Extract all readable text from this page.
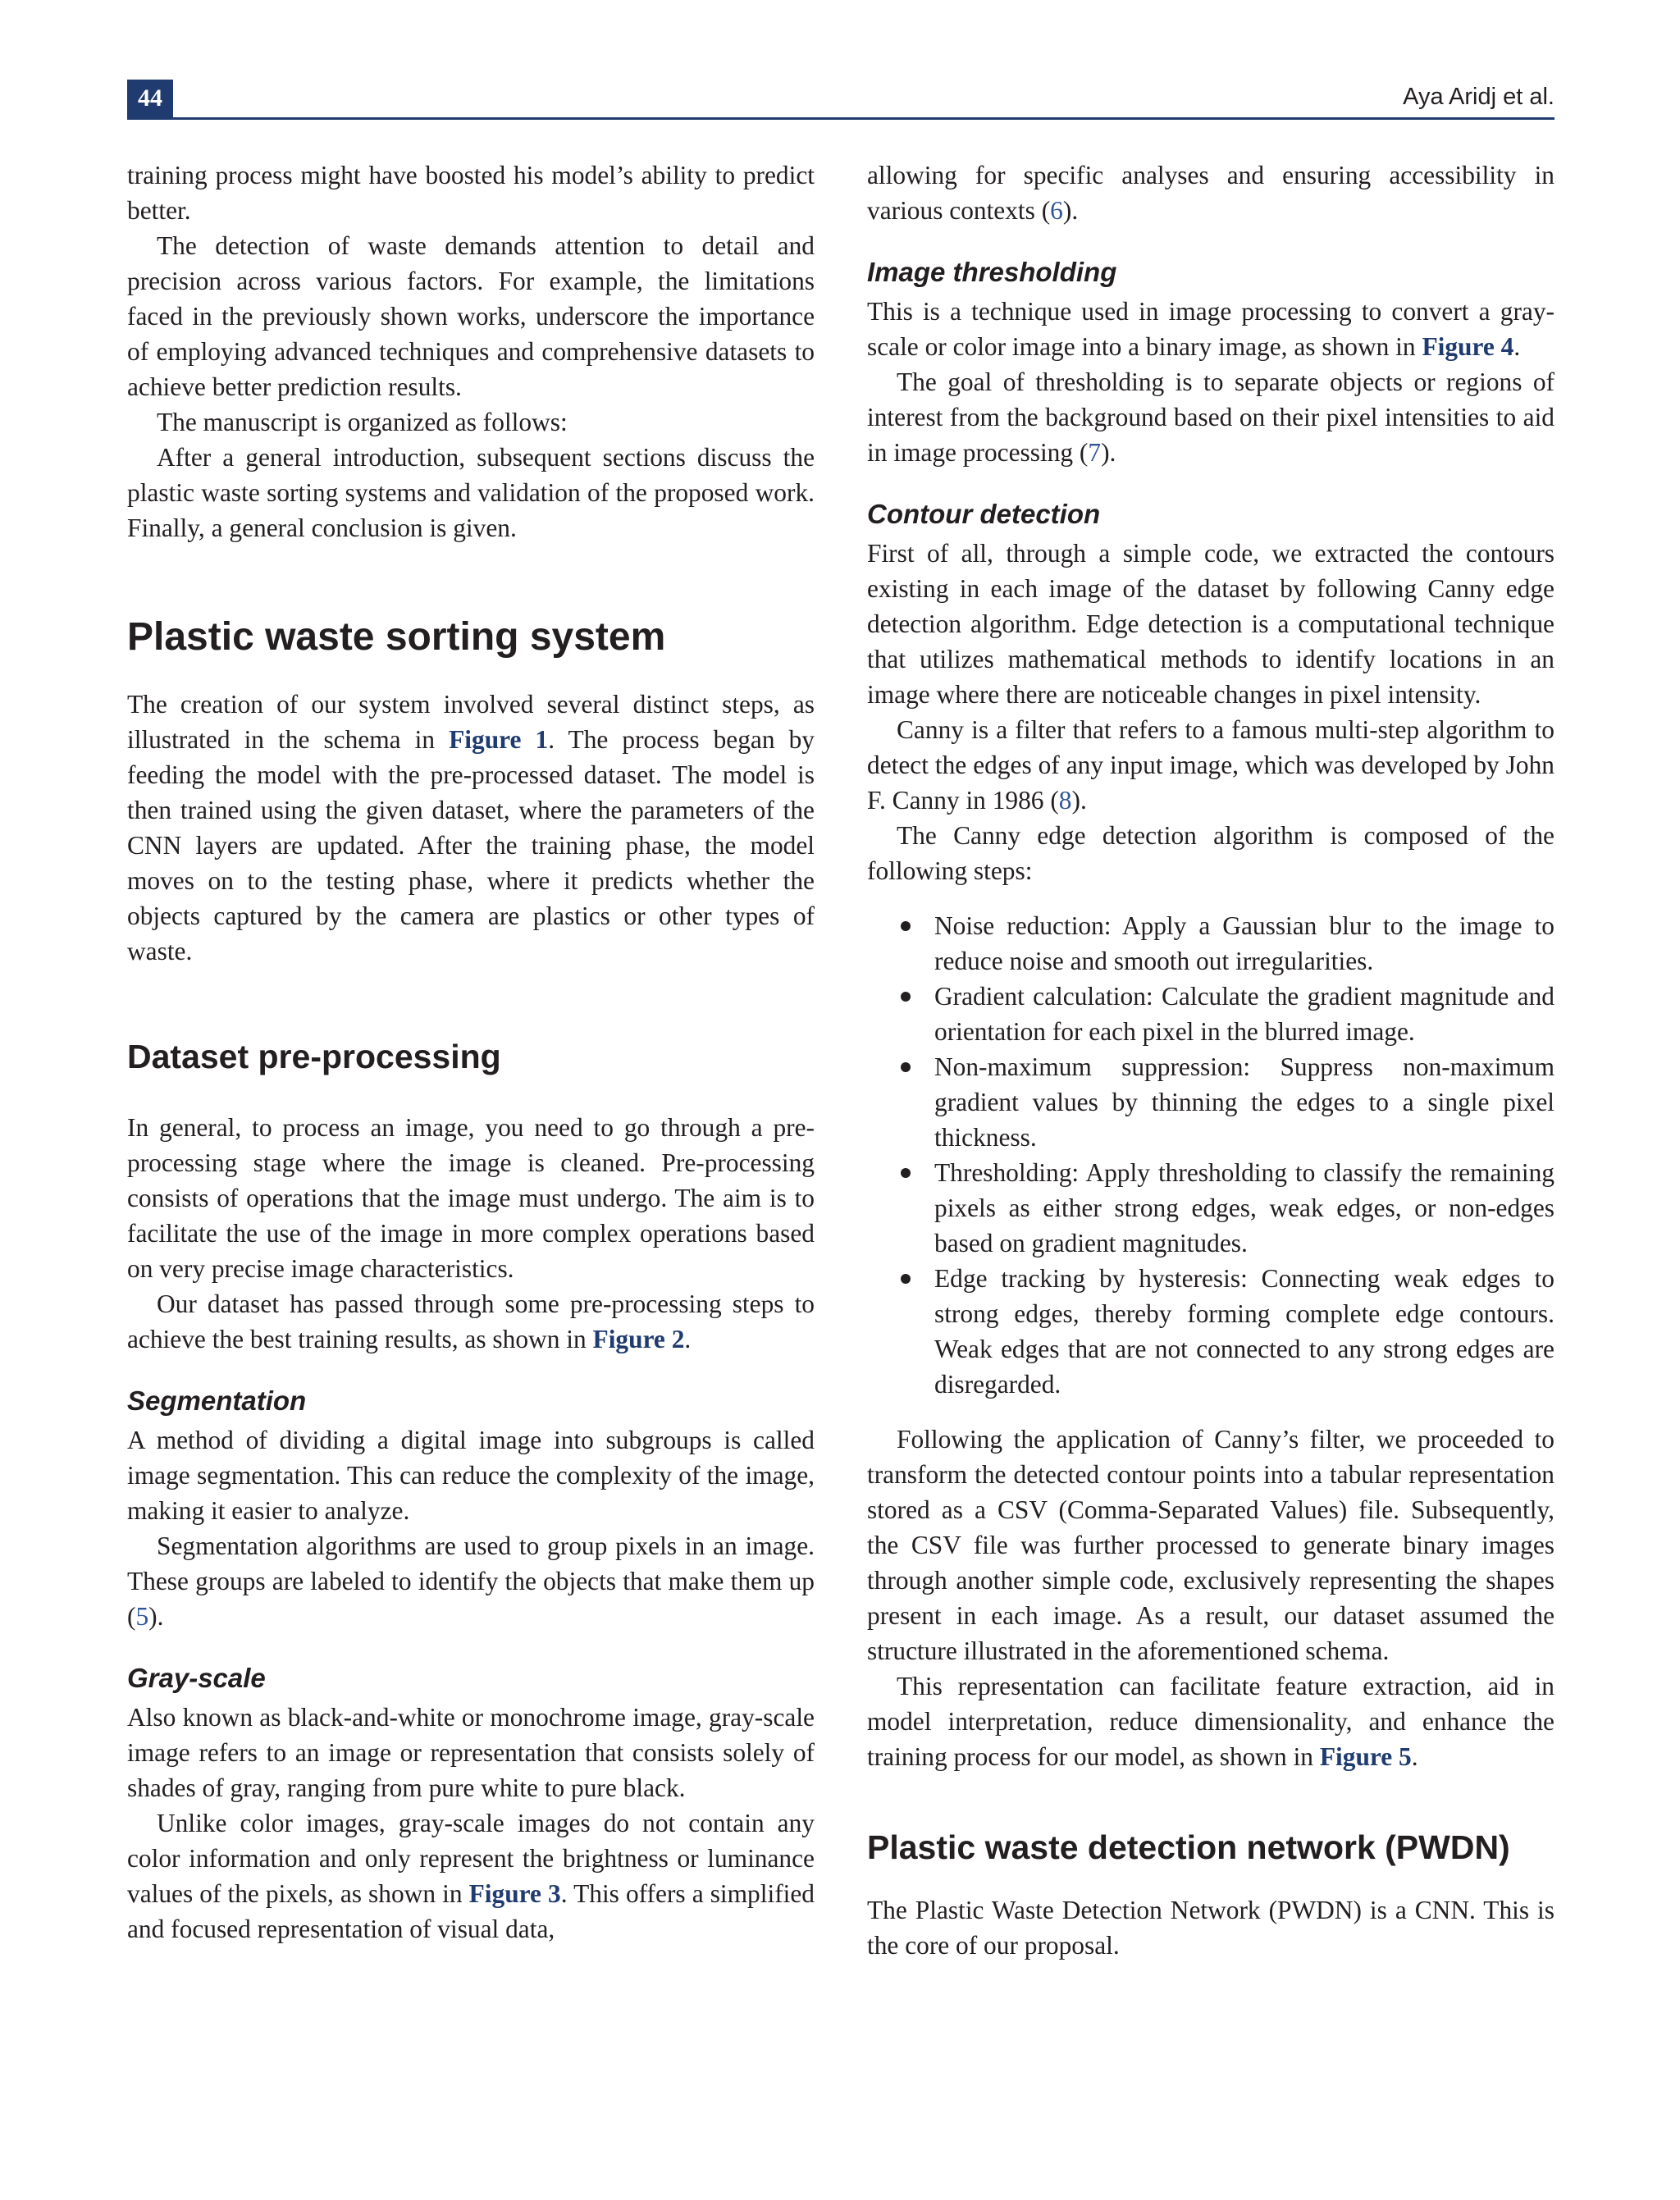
44	Aya Aridj et al.

training process might have boosted his model’s ability to predict better.

The detection of waste demands attention to detail and precision across various factors. For example, the limitations faced in the previously shown works, underscore the importance of employing advanced techniques and comprehensive datasets to achieve better prediction results.

The manuscript is organized as follows:

After a general introduction, subsequent sections discuss the plastic waste sorting systems and validation of the proposed work. Finally, a general conclusion is given.

Plastic waste sorting system

The creation of our system involved several distinct steps, as illustrated in the schema in Figure 1. The process began by feeding the model with the pre-processed dataset. The model is then trained using the given dataset, where the parameters of the CNN layers are updated. After the training phase, the model moves on to the testing phase, where it predicts whether the objects captured by the camera are plastics or other types of waste.

Dataset pre-processing

In general, to process an image, you need to go through a pre-processing stage where the image is cleaned. Pre-processing consists of operations that the image must undergo. The aim is to facilitate the use of the image in more complex operations based on very precise image characteristics.

Our dataset has passed through some pre-processing steps to achieve the best training results, as shown in Figure 2.

Segmentation

A method of dividing a digital image into subgroups is called image segmentation. This can reduce the complexity of the image, making it easier to analyze.

Segmentation algorithms are used to group pixels in an image. These groups are labeled to identify the objects that make them up (5).

Gray-scale

Also known as black-and-white or monochrome image, gray-scale image refers to an image or representation that consists solely of shades of gray, ranging from pure white to pure black.

Unlike color images, gray-scale images do not contain any color information and only represent the brightness or luminance values of the pixels, as shown in Figure 3. This offers a simplified and focused representation of visual data,

allowing for specific analyses and ensuring accessibility in various contexts (6).

Image thresholding

This is a technique used in image processing to convert a gray-scale or color image into a binary image, as shown in Figure 4.

The goal of thresholding is to separate objects or regions of interest from the background based on their pixel intensities to aid in image processing (7).

Contour detection

First of all, through a simple code, we extracted the contours existing in each image of the dataset by following Canny edge detection algorithm. Edge detection is a computational technique that utilizes mathematical methods to identify locations in an image where there are noticeable changes in pixel intensity.

Canny is a filter that refers to a famous multi-step algorithm to detect the edges of any input image, which was developed by John F. Canny in 1986 (8).

The Canny edge detection algorithm is composed of the following steps:

Noise reduction: Apply a Gaussian blur to the image to reduce noise and smooth out irregularities.
Gradient calculation: Calculate the gradient magnitude and orientation for each pixel in the blurred image.
Non-maximum suppression: Suppress non-maximum gradient values by thinning the edges to a single pixel thickness.
Thresholding: Apply thresholding to classify the remaining pixels as either strong edges, weak edges, or non-edges based on gradient magnitudes.
Edge tracking by hysteresis: Connecting weak edges to strong edges, thereby forming complete edge contours. Weak edges that are not connected to any strong edges are disregarded.

Following the application of Canny’s filter, we proceeded to transform the detected contour points into a tabular representation stored as a CSV (Comma-Separated Values) file. Subsequently, the CSV file was further processed to generate binary images through another simple code, exclusively representing the shapes present in each image. As a result, our dataset assumed the structure illustrated in the aforementioned schema.

This representation can facilitate feature extraction, aid in model interpretation, reduce dimensionality, and enhance the training process for our model, as shown in Figure 5.

Plastic waste detection network (PWDN)

The Plastic Waste Detection Network (PWDN) is a CNN. This is the core of our proposal.
